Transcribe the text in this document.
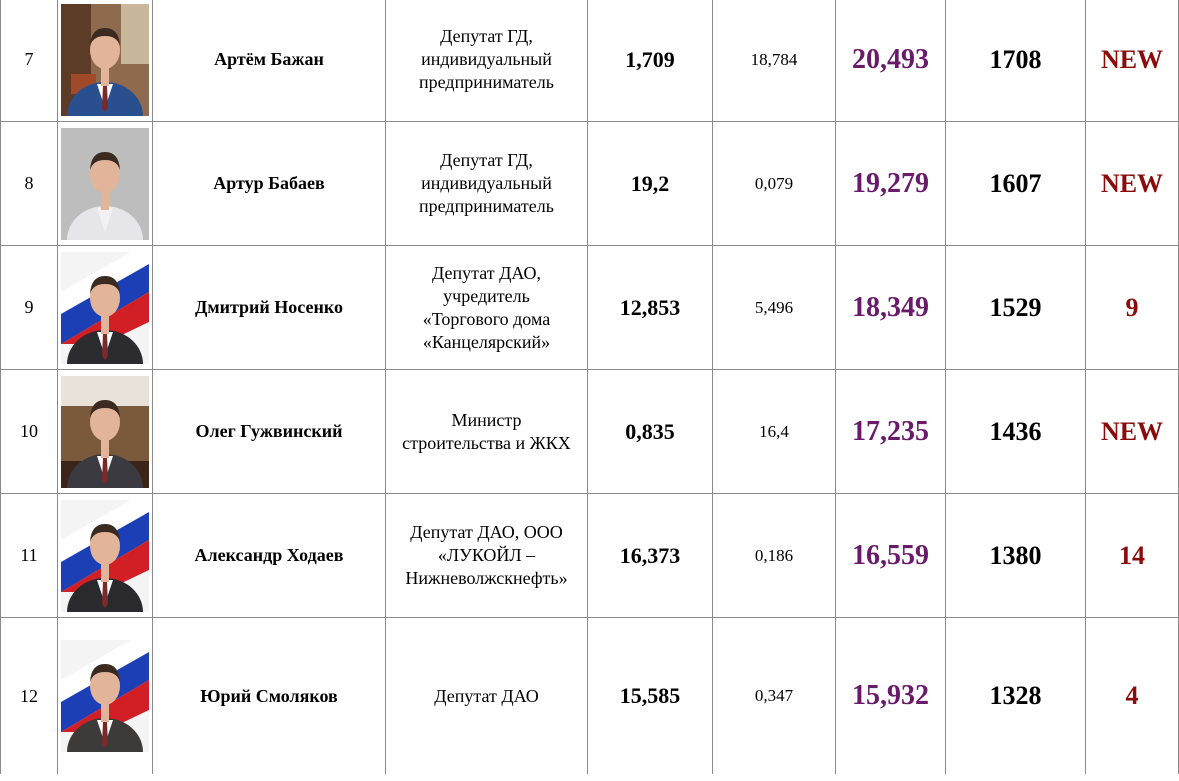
7		Артём Бажан	Депутат ГД,
индивидуальный
предприниматель	1,709	18,784	20,493	1708	NEW
8		Артур Бабаев	Депутат ГД,
индивидуальный
предприниматель	19,2	0,079	19,279	1607	NEW
9		Дмитрий Носенко	Депутат ДАО,
учредитель
«Торгового дома
«Канцелярский»	12,853	5,496	18,349	1529	9
10		Олег Гужвинский	Министр
строительства и ЖКХ	0,835	16,4	17,235	1436	NEW
11		Александр Ходаев	Депутат ДАО, ООО
«ЛУКОЙЛ –
Нижневолжскнефть»	16,373	0,186	16,559	1380	14
12		Юрий Смоляков	Депутат ДАО	15,585	0,347	15,932	1328	4
